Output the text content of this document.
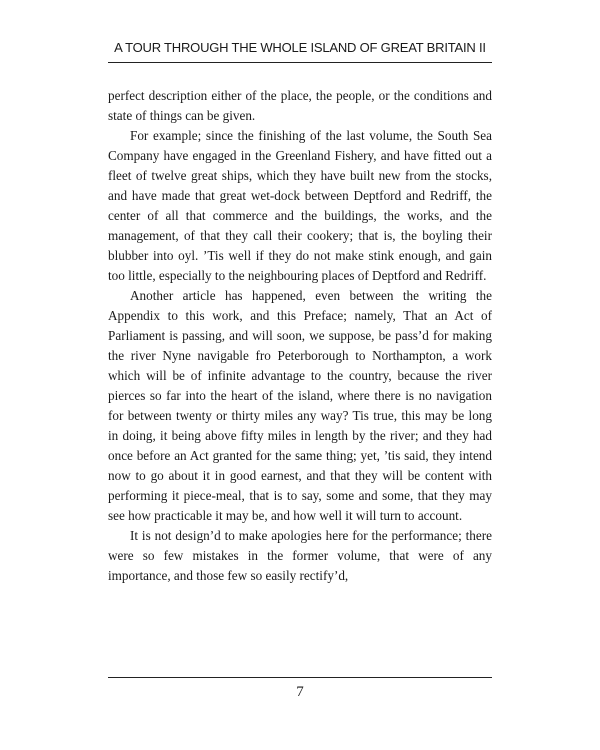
A TOUR THROUGH THE WHOLE ISLAND OF GREAT BRITAIN II

perfect description either of the place, the people, or the conditions and state of things can be given.

For example; since the finishing of the last volume, the South Sea Company have engaged in the Greenland Fishery, and have fitted out a fleet of twelve great ships, which they have built new from the stocks, and have made that great wet-dock between Deptford and Redriff, the center of all that commerce and the buildings, the works, and the management, of that they call their cookery; that is, the boyling their blubber into oyl. ’Tis well if they do not make stink enough, and gain too little, especially to the neighbouring places of Deptford and Redriff.

Another article has happened, even between the writing the Appendix to this work, and this Preface; namely, That an Act of Parliament is passing, and will soon, we suppose, be pass’d for making the river Nyne navigable fro Peterborough to Northampton, a work which will be of infinite advantage to the country, because the river pierces so far into the heart of the island, where there is no navigation for between twenty or thirty miles any way? Tis true, this may be long in doing, it being above fifty miles in length by the river; and they had once before an Act granted for the same thing; yet, ’tis said, they intend now to go about it in good earnest, and that they will be content with performing it piece-meal, that is to say, some and some, that they may see how practicable it may be, and how well it will turn to account.

It is not design’d to make apologies here for the performance; there were so few mistakes in the former volume, that were of any importance, and those few so easily rectify’d,

7
